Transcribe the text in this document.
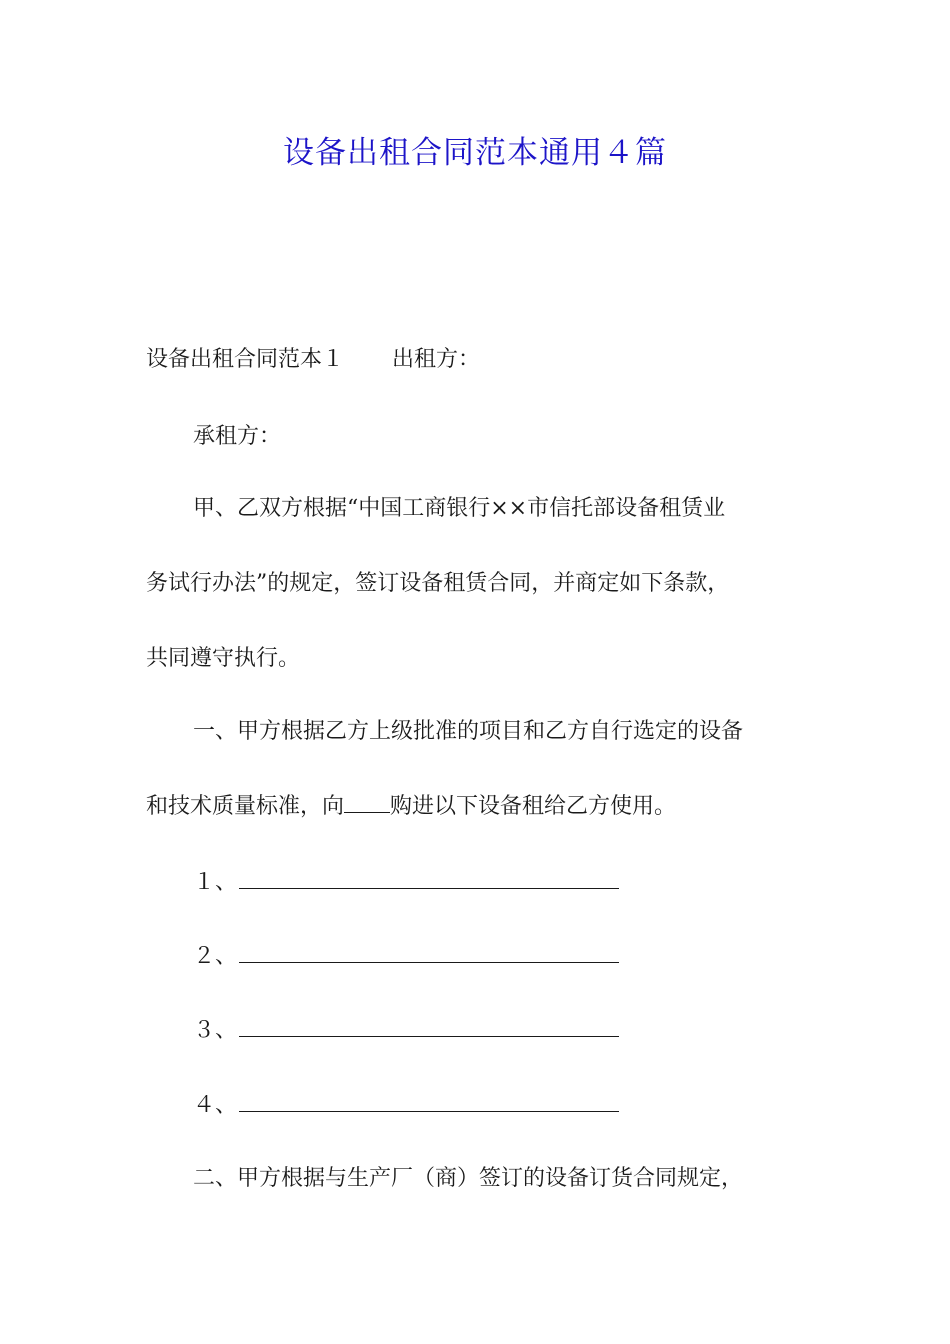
设备出租合同范本通用４篇

设备出租合同范本１ 出租方：

承租方：

甲、乙双方根据“中国工商银行××市信托部设备租赁业

务试行办法”的规定，签订设备租赁合同，并商定如下条款，

共同遵守执行。

一、甲方根据乙方上级批准的项目和乙方自行选定的设备

和技术质量标准，向 购进以下设备租给乙方使用。

１、

２、

３、

４、

二、甲方根据与生产厂（商）签订的设备订货合同规定，
